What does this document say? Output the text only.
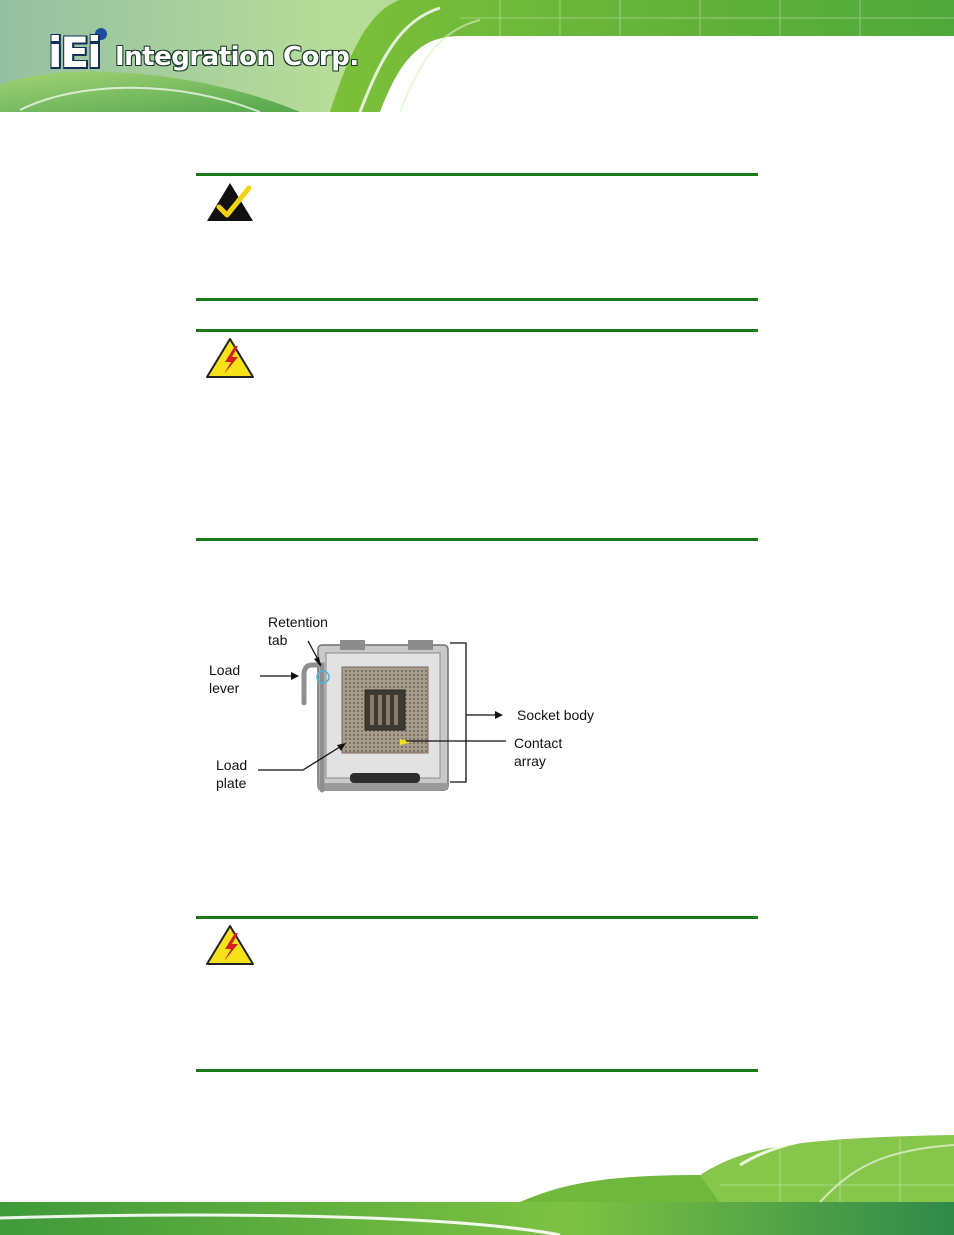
iEi Integration Corp.
Retention
tab
Load
lever
Load
plate
Socket body
Contact
array
